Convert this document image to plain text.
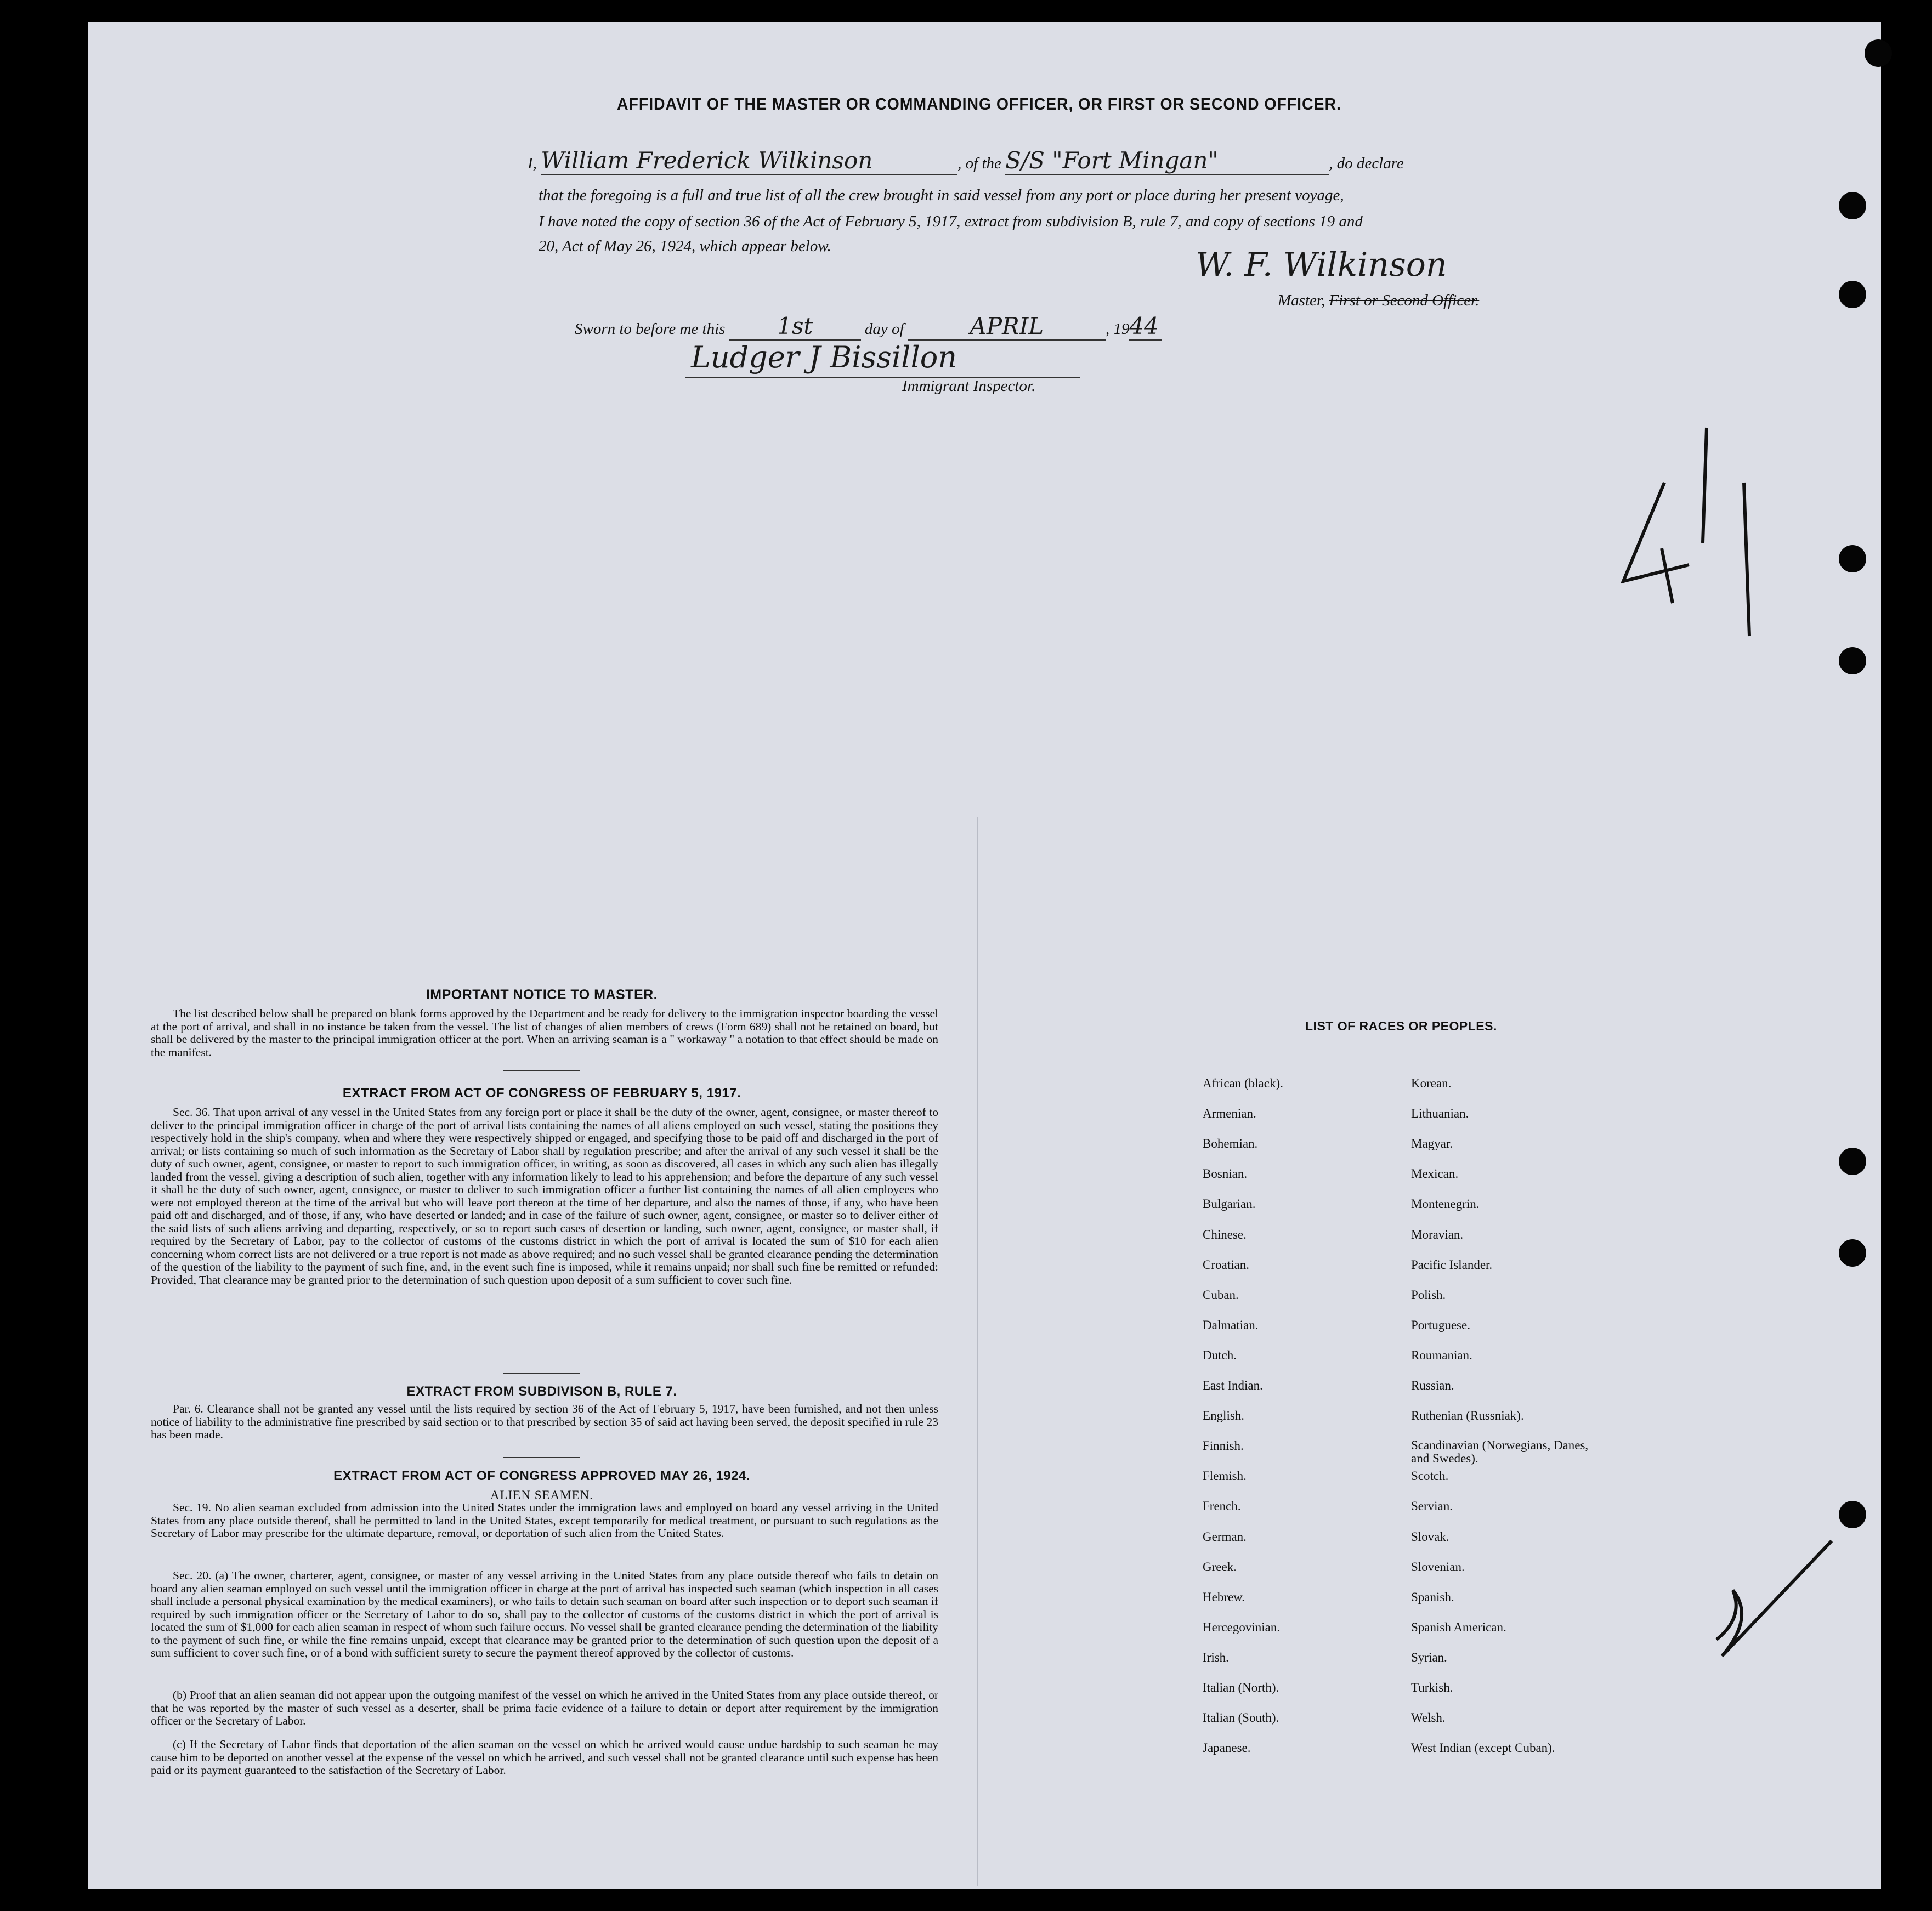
AFFIDAVIT OF THE MASTER OR COMMANDING OFFICER, OR FIRST OR SECOND OFFICER.
I, William Frederick Wilkinson	, of the S/S "Fort Mingan"	, do declare
that the foregoing is a full and true list of all the crew brought in said vessel from any port or place during her present voyage,
I have noted the copy of section 36 of the Act of February 5, 1917, extract from subdivision B, rule 7, and copy of sections 19 and
20, Act of May 26, 1924, which appear below.	W. F. Wilkinson
Master, First or Second Officer.
Sworn to before me this 1st	day of	APRIL	, 1944
Ludger J Bissillon
Immigrant Inspector.
IMPORTANT NOTICE TO MASTER.
The list described below shall be prepared on blank forms approved by the Department and be ready for delivery to the immigration inspector boarding the vessel at the port of arrival, and shall in no instance be taken from the vessel. The list of changes of alien members of crews (Form 689) shall not be retained on board, but shall be delivered by the master to the principal immigration officer at the port. When an arriving seaman is a " workaway " a notation to that effect should be made on the manifest.
EXTRACT FROM ACT OF CONGRESS OF FEBRUARY 5, 1917.
Sec. 36. That upon arrival of any vessel in the United States from any foreign port or place it shall be the duty of the owner, agent, consignee, or master thereof to deliver to the principal immigration officer in charge of the port of arrival lists containing the names of all aliens employed on such vessel, stating the positions they respectively hold in the ship's company, when and where they were respectively shipped or engaged, and specifying those to be paid off and discharged in the port of arrival; or lists containing so much of such information as the Secretary of Labor shall by regulation prescribe; and after the arrival of any such vessel it shall be the duty of such owner, agent, consignee, or master to report to such immigration officer, in writing, as soon as discovered, all cases in which any such alien has illegally landed from the vessel, giving a description of such alien, together with any information likely to lead to his apprehension; and before the departure of any such vessel it shall be the duty of such owner, agent, consignee, or master to deliver to such immigration officer a further list containing the names of all alien employees who were not employed thereon at the time of the arrival but who will leave port thereon at the time of her departure, and also the names of those, if any, who have been paid off and discharged, and of those, if any, who have deserted or landed; and in case of the failure of such owner, agent, consignee, or master so to deliver either of the said lists of such aliens arriving and departing, respectively, or so to report such cases of desertion or landing, such owner, agent, consignee, or master shall, if required by the Secretary of Labor, pay to the collector of customs of the customs district in which the port of arrival is located the sum of $10 for each alien concerning whom correct lists are not delivered or a true report is not made as above required; and no such vessel shall be granted clearance pending the determination of the question of the liability to the payment of such fine, and, in the event such fine is imposed, while it remains unpaid; nor shall such fine be remitted or refunded: Provided, That clearance may be granted prior to the determination of such question upon deposit of a sum sufficient to cover such fine.
EXTRACT FROM SUBDIVISON B, RULE 7.
Par. 6. Clearance shall not be granted any vessel until the lists required by section 36 of the Act of February 5, 1917, have been furnished, and not then unless notice of liability to the administrative fine prescribed by said section or to that prescribed by section 35 of said act having been served, the deposit specified in rule 23 has been made.
EXTRACT FROM ACT OF CONGRESS APPROVED MAY 26, 1924.
ALIEN SEAMEN.
Sec. 19. No alien seaman excluded from admission into the United States under the immigration laws and employed on board any vessel arriving in the United States from any place outside thereof, shall be permitted to land in the United States, except temporarily for medical treatment, or pursuant to such regulations as the Secretary of Labor may prescribe for the ultimate departure, removal, or deportation of such alien from the United States.
Sec. 20. (a) The owner, charterer, agent, consignee, or master of any vessel arriving in the United States from any place outside thereof who fails to detain on board any alien seaman employed on such vessel until the immigration officer in charge at the port of arrival has inspected such seaman (which inspection in all cases shall include a personal physical examination by the medical examiners), or who fails to detain such seaman on board after such inspection or to deport such seaman if required by such immigration officer or the Secretary of Labor to do so, shall pay to the collector of customs of the customs district in which the port of arrival is located the sum of $1,000 for each alien seaman in respect of whom such failure occurs. No vessel shall be granted clearance pending the determination of the liability to the payment of such fine, or while the fine remains unpaid, except that clearance may be granted prior to the determination of such question upon the deposit of a sum sufficient to cover such fine, or of a bond with sufficient surety to secure the payment thereof approved by the collector of customs.
(b) Proof that an alien seaman did not appear upon the outgoing manifest of the vessel on which he arrived in the United States from any place outside thereof, or that he was reported by the master of such vessel as a deserter, shall be prima facie evidence of a failure to detain or deport after requirement by the immigration officer or the Secretary of Labor.
(c) If the Secretary of Labor finds that deportation of the alien seaman on the vessel on which he arrived would cause undue hardship to such seaman he may cause him to be deported on another vessel at the expense of the vessel on which he arrived, and such vessel shall not be granted clearance until such expense has been paid or its payment guaranteed to the satisfaction of the Secretary of Labor.
LIST OF RACES OR PEOPLES.
African (black).
Armenian.
Bohemian.
Bosnian.
Bulgarian.
Chinese.
Croatian.
Cuban.
Dalmatian.
Dutch.
East Indian.
English.
Finnish.
Flemish.
French.
German.
Greek.
Hebrew.
Hercegovinian.
Irish.
Italian (North).
Italian (South).
Japanese.
Korean.
Lithuanian.
Magyar.
Mexican.
Montenegrin.
Moravian.
Pacific Islander.
Polish.
Portuguese.
Roumanian.
Russian.
Ruthenian (Russniak).
Scandinavian (Norwegians, Danes, and Swedes).
Scotch.
Servian.
Slovak.
Slovenian.
Spanish.
Spanish American.
Syrian.
Turkish.
Welsh.
West Indian (except Cuban).
